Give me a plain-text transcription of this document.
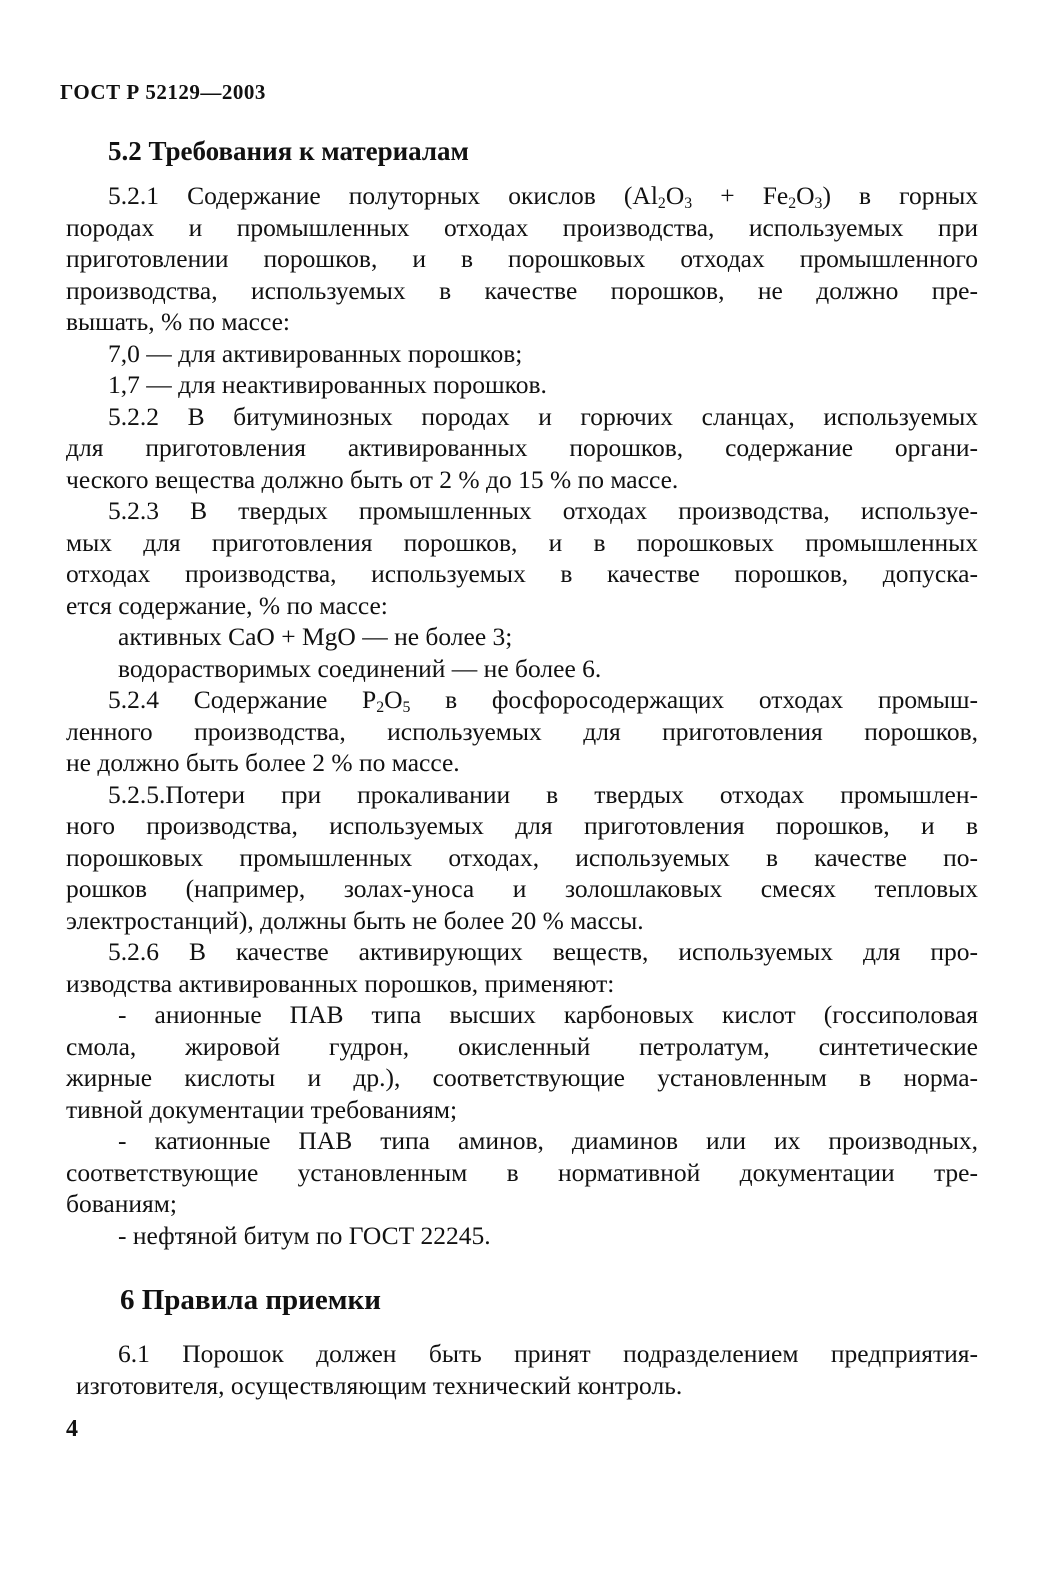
ГОСТ Р 52129—2003
5.2 Требования к материалам
5.2.1 Содержание полуторных окислов $(Al_2O_3 + Fe_2O_3)$ в горных
породах и промышленных отходах производства, используемых при
приготовлении порошков, и в порошковых отходах промышленного
производства, используемых в качестве порошков, не должно пре-
вышать, % по массе:
7,0 — для активированных порошков;
1,7 — для неактивированных порошков.
5.2.2 В битуминозных породах и горючих сланцах, используемых
для приготовления активированных порошков, содержание органи-
ческого вещества должно быть от 2 % до 15 % по массе.
5.2.3 В твердых промышленных отходах производства, используе-
мых для приготовления порошков, и в порошковых промышленных
отходах производства, используемых в качестве порошков, допуска-
ется содержание, % по массе:
активных CaO + MgO — не более 3;
водорастворимых соединений — не более 6.
5.2.4 Содержание $P_2O_5$ в фосфоросодержащих отходах промыш-
ленного производства, используемых для приготовления порошков,
не должно быть более 2 % по массе.
5.2.5.Потери при прокаливании в твердых отходах промышлен-
ного производства, используемых для приготовления порошков, и в
порошковых промышленных отходах, используемых в качестве по-
рошков (например, золах-уноса и золошлаковых смесях тепловых
электростанций), должны быть не более 20 % массы.
5.2.6 В качестве активирующих веществ, используемых для про-
изводства активированных порошков, применяют:
- анионные ПАВ типа высших карбоновых кислот (госсиполовая
смола, жировой гудрон, окисленный петролатум, синтетические
жирные кислоты и др.), соответствующие установленным в норма-
тивной документации требованиям;
- катионные ПАВ типа аминов, диаминов или их производных,
соответствующие установленным в нормативной документации тре-
бованиям;
- нефтяной битум по ГОСТ 22245.
6 Правила приемки
6.1 Порошок должен быть принят подразделением предприятия-
изготовителя, осуществляющим технический контроль.
4
